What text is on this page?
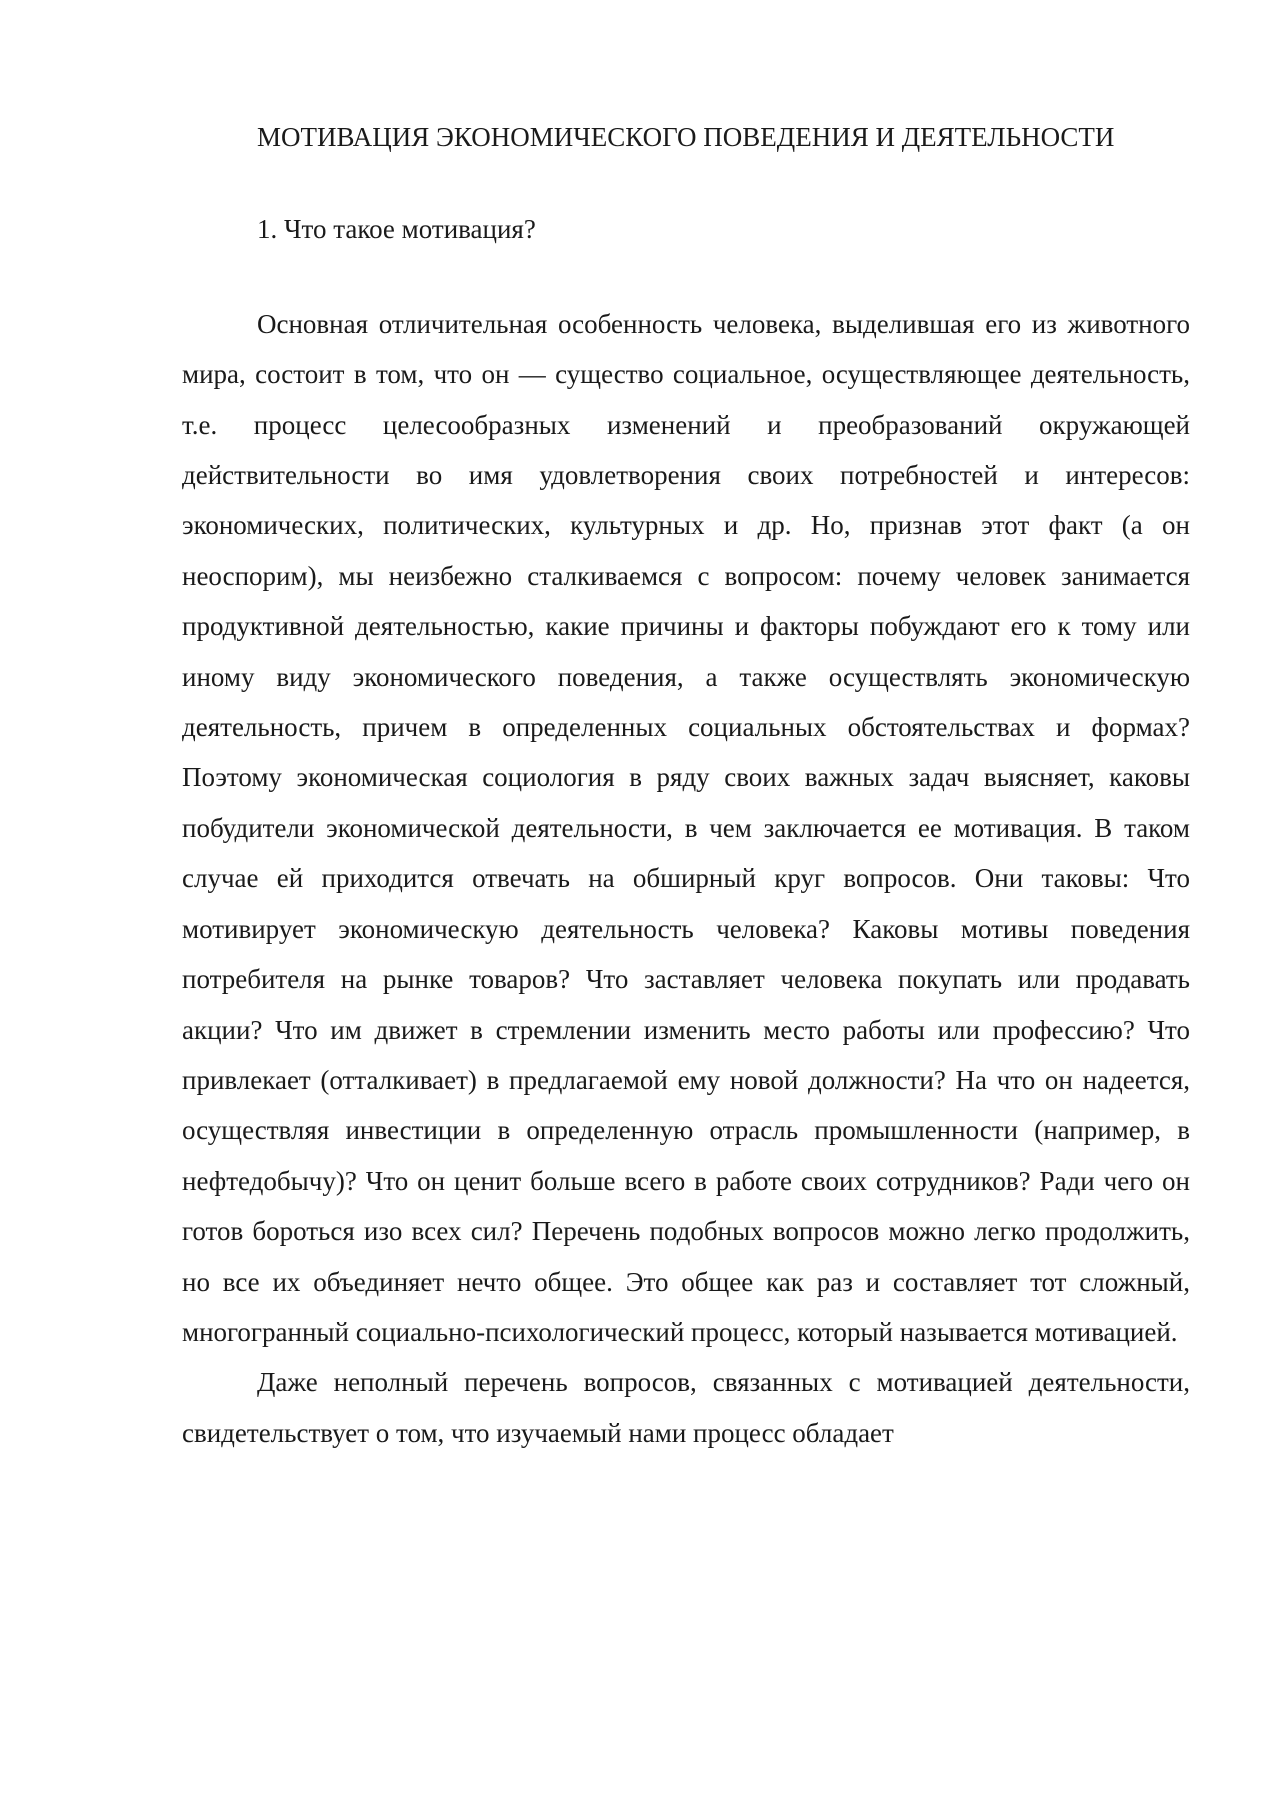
МОТИВАЦИЯ ЭКОНОМИЧЕСКОГО ПОВЕДЕНИЯ И ДЕЯТЕЛЬНОСТИ
1. Что такое мотивация?

Основная отличительная особенность человека, выделившая его из животного мира, состоит в том, что он — существо социальное, осуществляющее деятельность, т.е. процесс целесообразных изменений и преобразований окружающей действительности во имя удовлетворения своих потребностей и интересов: экономических, политических, культурных и др. Но, признав этот факт (а он неоспорим), мы неизбежно сталкиваемся с вопросом: почему человек занимается продуктивной деятельностью, какие причины и факторы побуждают его к тому или иному виду экономического поведения, а также осуществлять экономическую деятельность, причем в определенных социальных обстоятельствах и формах? Поэтому экономическая социология в ряду своих важных задач выясняет, каковы побудители экономической деятельности, в чем заключается ее мотивация. В таком случае ей приходится отвечать на обширный круг вопросов. Они таковы: Что мотивирует экономическую деятельность человека? Каковы мотивы поведения потребителя на рынке товаров? Что заставляет человека покупать или продавать акции? Что им движет в стремлении изменить место работы или профессию? Что привлекает (отталкивает) в предлагаемой ему новой должности? На что он надеется, осуществляя инвестиции в определенную отрасль промышленности (например, в нефтедобычу)? Что он ценит больше всего в работе своих сотрудников? Ради чего он готов бороться изо всех сил? Перечень подобных вопросов можно легко продолжить, но все их объединяет нечто общее. Это общее как раз и составляет тот сложный, многогранный социально-психологический процесс, который называется мотивацией.

Даже неполный перечень вопросов, связанных с мотивацией деятельности, свидетельствует о том, что изучаемый нами процесс обладает
